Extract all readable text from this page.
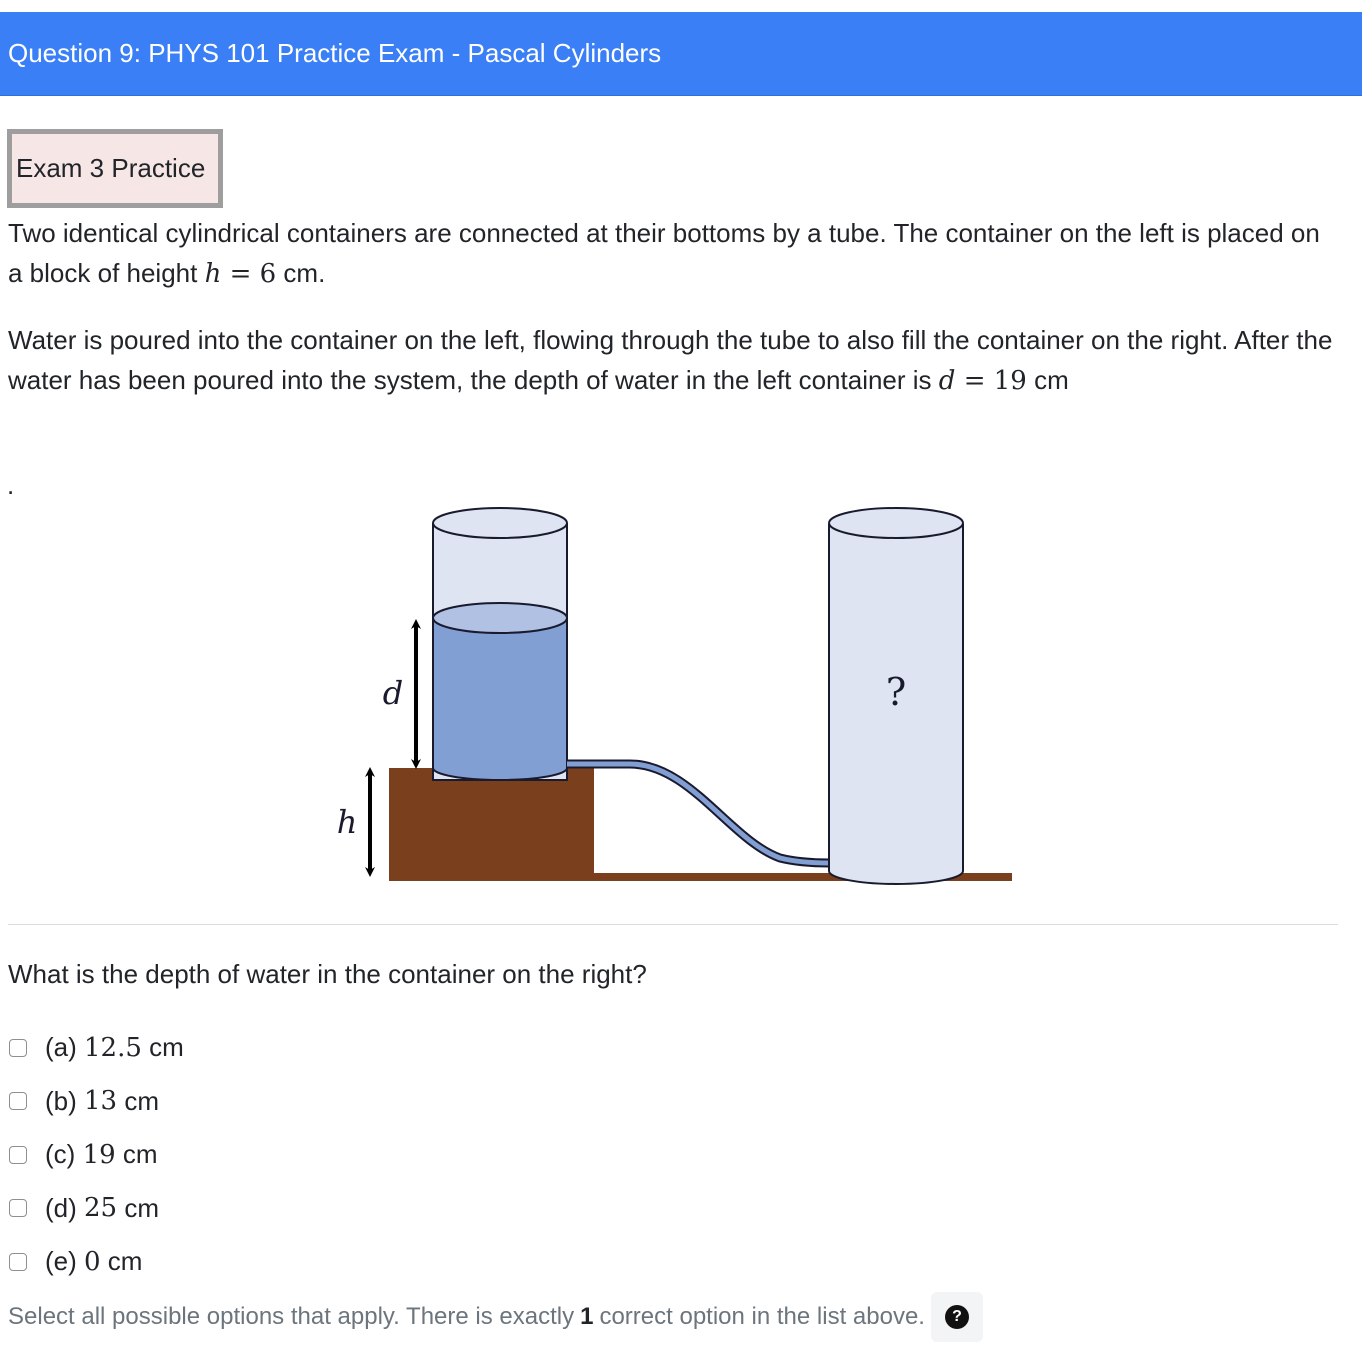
Question 9: PHYS 101 Practice Exam - Pascal Cylinders
Exam 3 Practice
Two identical cylindrical containers are connected at their bottoms by a tube. The container on the left is placed on a block of height h = 6 cm.
Water is poured into the container on the left, flowing through the tube to also fill the container on the right. After the water has been poured into the system, the depth of water in the left container is d = 19 cm
.
d
h
?
What is the depth of water in the container on the right?
(a)
12.5
cm
(b)
13
cm
(c)
19
cm
(d)
25
cm
(e)
0
cm
Select all possible options that apply. There is exactly 1 correct option in the list above.	?
